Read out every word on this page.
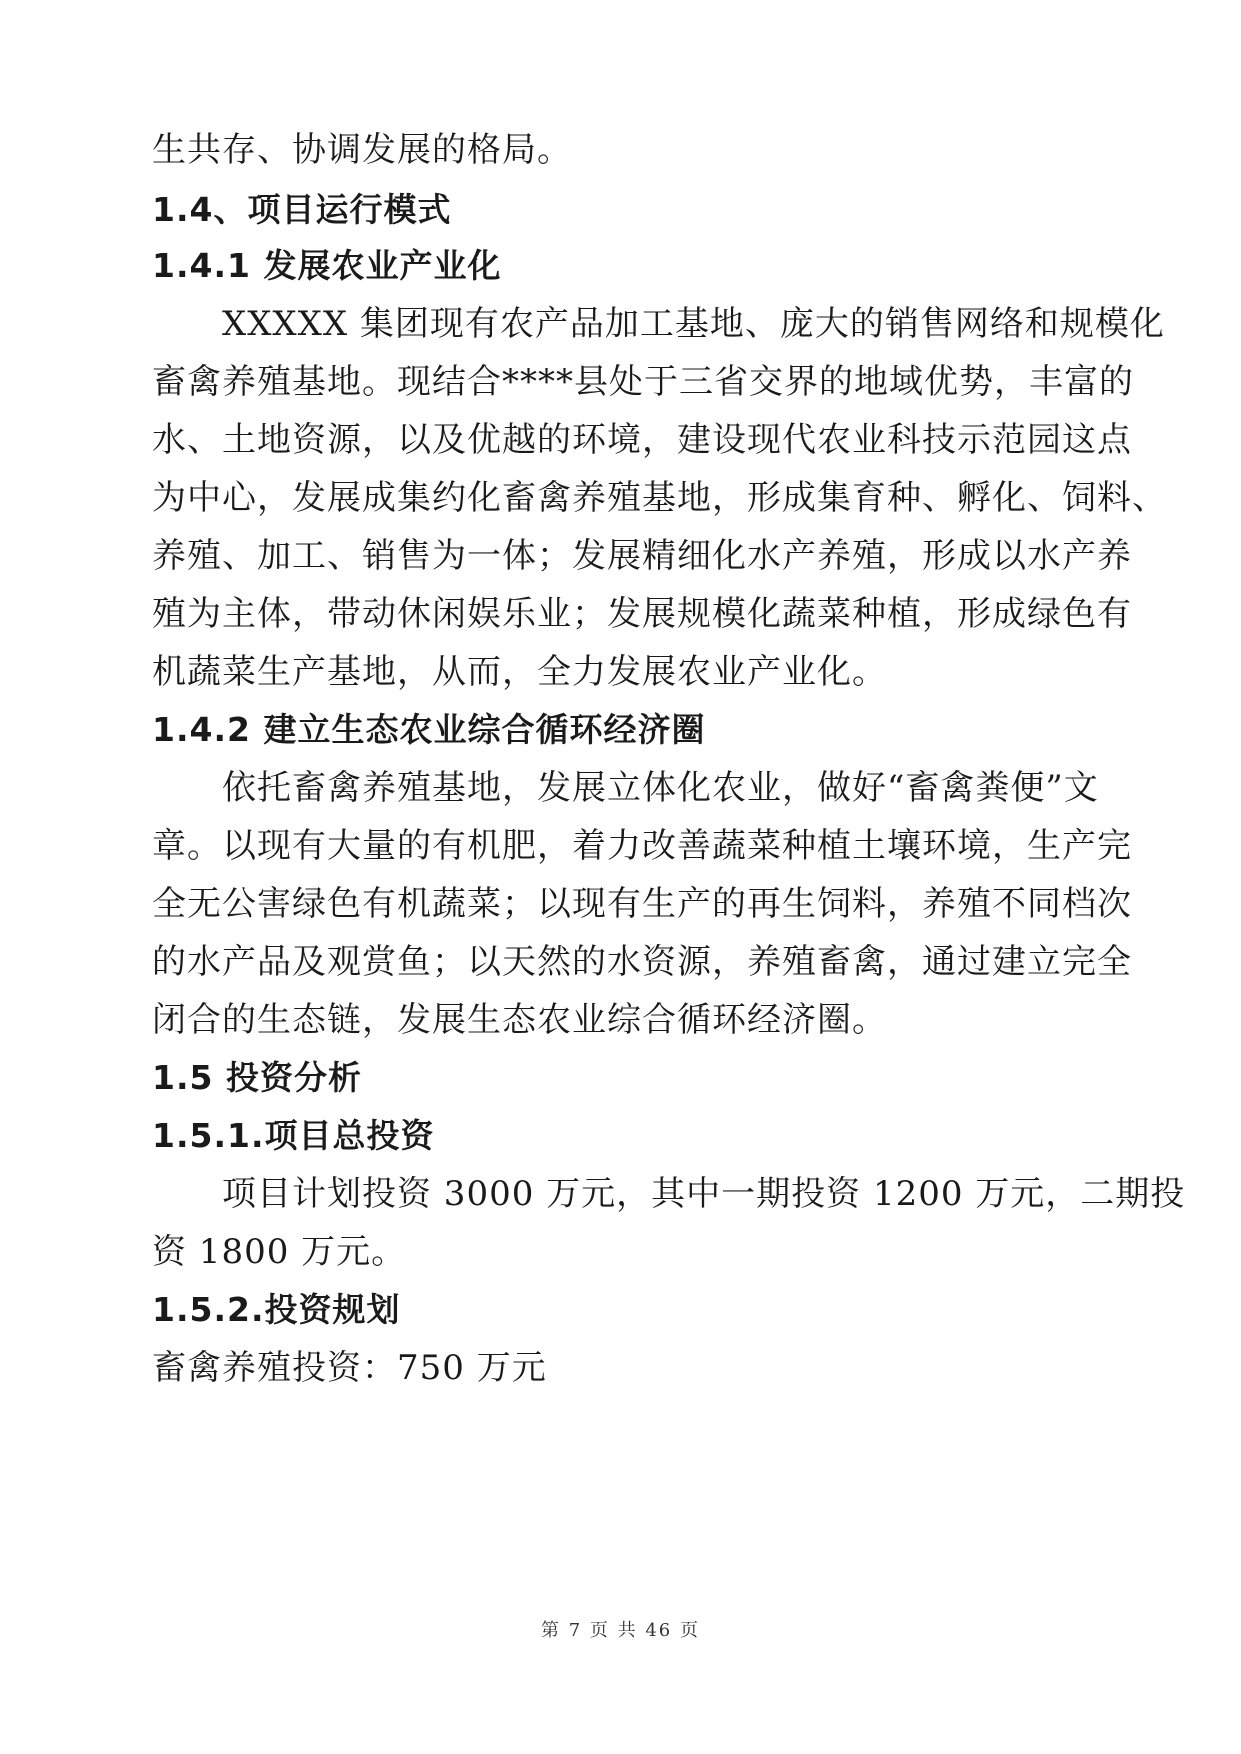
生共存、协调发展的格局。
1.4、项目运行模式
1.4.1 发展农业产业化
XXXXX 集团现有农产品加工基地、庞大的销售网络和规模化
畜禽养殖基地。现结合****县处于三省交界的地域优势，丰富的
水、土地资源，以及优越的环境，建设现代农业科技示范园这点
为中心，发展成集约化畜禽养殖基地，形成集育种、孵化、饲料、
养殖、加工、销售为一体；发展精细化水产养殖，形成以水产养
殖为主体，带动休闲娱乐业；发展规模化蔬菜种植，形成绿色有
机蔬菜生产基地，从而，全力发展农业产业化。
1.4.2 建立生态农业综合循环经济圈
依托畜禽养殖基地，发展立体化农业，做好“畜禽粪便”文
章。以现有大量的有机肥，着力改善蔬菜种植土壤环境，生产完
全无公害绿色有机蔬菜；以现有生产的再生饲料，养殖不同档次
的水产品及观赏鱼；以天然的水资源，养殖畜禽，通过建立完全
闭合的生态链，发展生态农业综合循环经济圈。
1.5 投资分析
1.5.1.项目总投资
项目计划投资 3000 万元，其中一期投资 1200 万元，二期投
资 1800 万元。
1.5.2.投资规划
畜禽养殖投资：750 万元
第 7 页 共 46 页
